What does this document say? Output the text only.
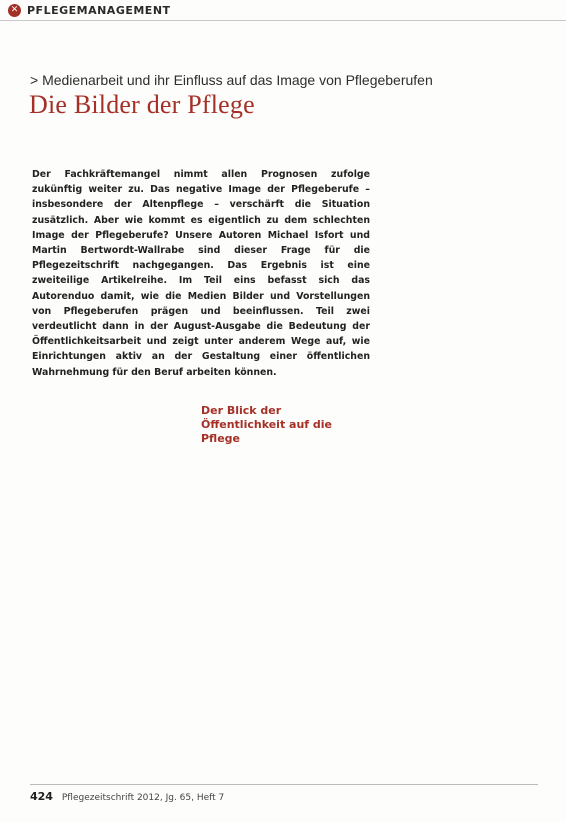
✕ PFLEGEMANAGEMENT
> Medienarbeit und ihr Einfluss auf das Image von Pflegeberufen
Die Bilder der Pflege
Der Fachkräftemangel nimmt allen Prognosen zufolge zukünftig weiter zu. Das negative Image der Pflegeberufe – insbesondere der Altenpflege – verschärft die Situation zusätzlich. Aber wie kommt es eigentlich zu dem schlechten Image der Pflegeberufe? Unsere Autoren Michael Isfort und Martin Bertwordt-Wallrabe sind dieser Frage für die Pflegezeitschrift nachgegangen. Das Ergebnis ist eine zweiteilige Artikelreihe. Im Teil eins befasst sich das Autorenduo damit, wie die Medien Bilder und Vorstellungen von Pflegeberufen prägen und beeinflussen. Teil zwei verdeutlicht dann in der August-Ausgabe die Bedeutung der Öffentlichkeitsarbeit und zeigt unter anderem Wege auf, wie Einrichtungen aktiv an der Gestaltung einer öffentlichen Wahrnehmung für den Beruf arbeiten können.

Der Blick der Öffentlichkeit auf die Pflege
424 Pflegezeitschrift 2012, Jg. 65, Heft 7
